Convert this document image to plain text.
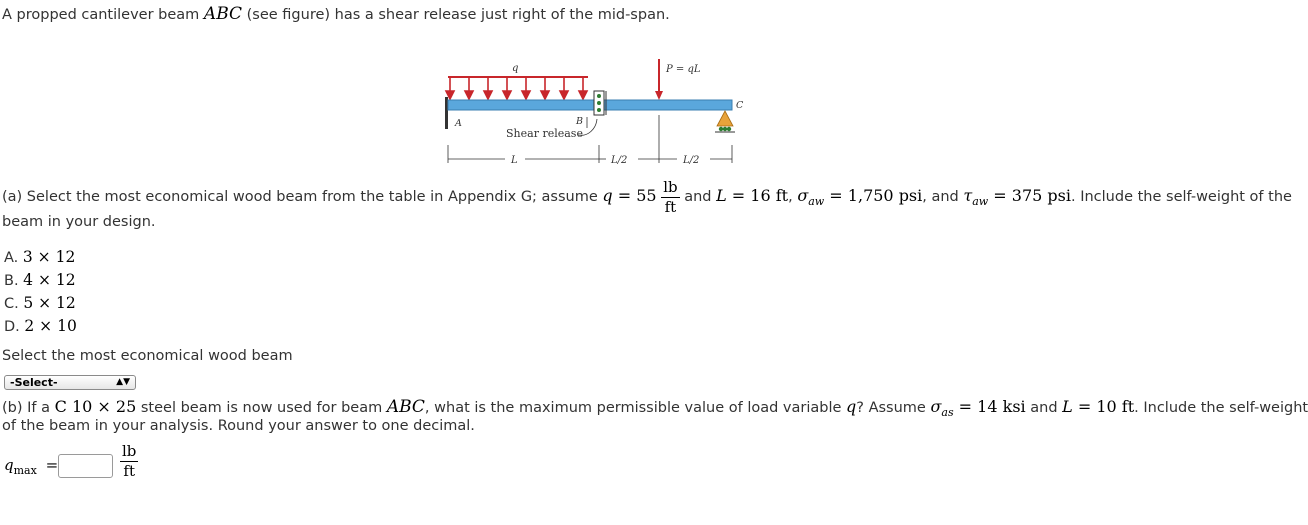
A propped cantilever beam ABC (see figure) has a shear release just right of the mid-span.
q
B
A
Shear release
P = qL
C
L	L/2	L/2
(a) Select the most economical wood beam from the table in Appendix G; assume $q = 55 \frac{lb}{ft}$ and L = 16 ft, $\sigma_{aw} = 1,750$ psi, and $\tau_{aw} = 375$ psi. Include the self-weight of the
beam in your design.
A. 3 × 12
B. 4 × 12
C. 5 × 12
D. 2 × 10
Select the most economical wood beam
-Select-	▲▼
(b) If a C 10 × 25 steel beam is now used for beam ABC, what is the maximum permissible value of load variable q? Assume $\sigma_{as} = 14$ ksi and L = 10 ft. Include the self-weight
of the beam in your analysis. Round your answer to one decimal.
$q_{max}$ =	$\frac{lb}{ft}$
